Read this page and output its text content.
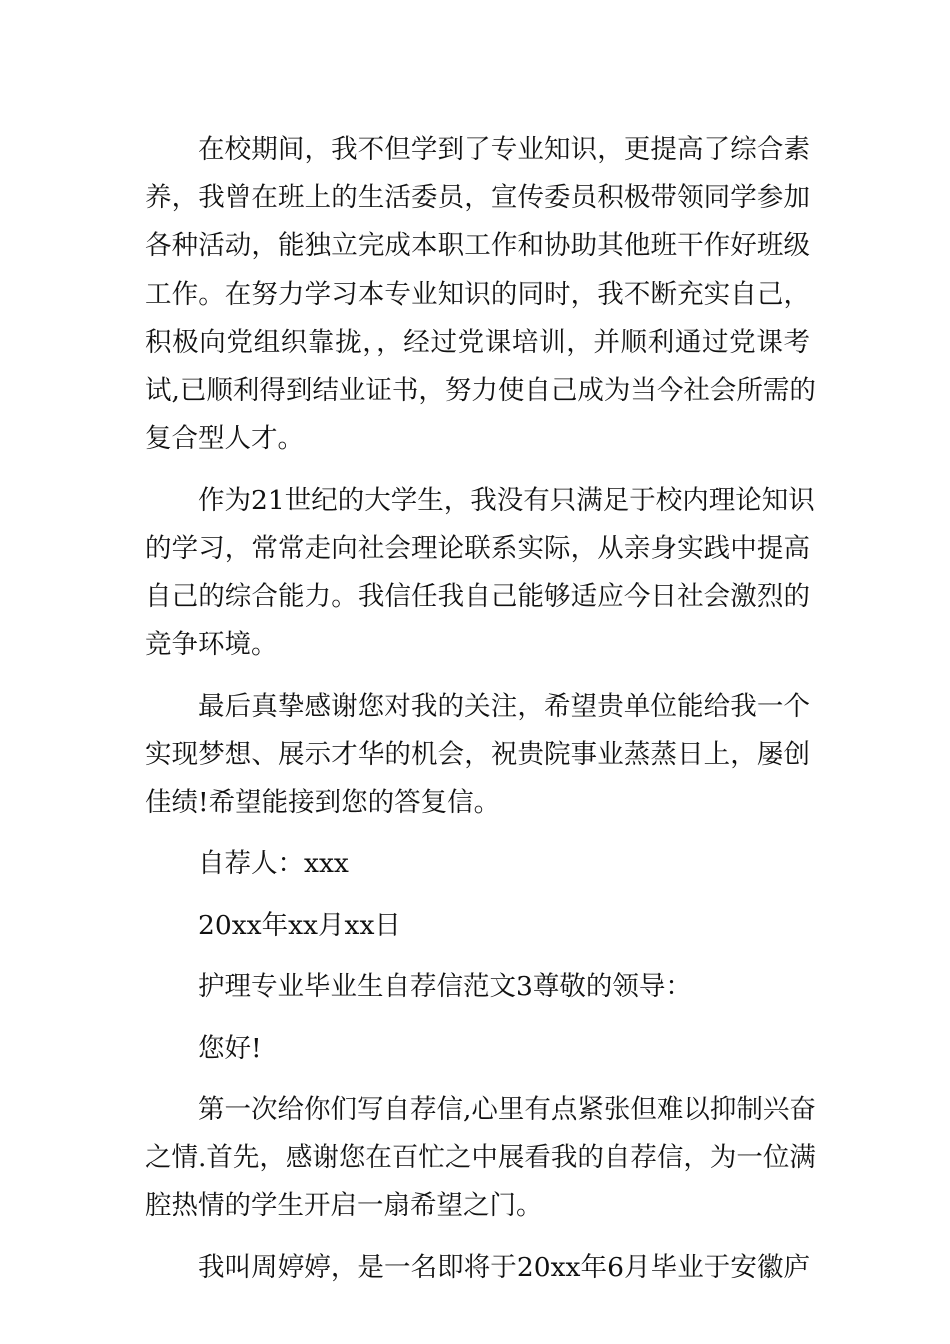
在校期间，我不但学到了专业知识，更提高了综合素
养，我曾在班上的生活委员，宣传委员积极带领同学参加
各种活动，能独立完成本职工作和协助其他班干作好班级
工作。在努力学习本专业知识的同时，我不断充实自己，
积极向党组织靠拢，，经过党课培训，并顺利通过党课考
试,已顺利得到结业证书，努力使自己成为当今社会所需的
复合型人才。
作为21世纪的大学生，我没有只满足于校内理论知识
的学习，常常走向社会理论联系实际，从亲身实践中提高
自己的综合能力。我信任我自己能够适应今日社会激烈的
竞争环境。
最后真挚感谢您对我的关注，希望贵单位能给我一个
实现梦想、展示才华的机会，祝贵院事业蒸蒸日上，屡创
佳绩!希望能接到您的答复信。
自荐人：xxx
20xx年xx月xx日
护理专业毕业生自荐信范文3尊敬的领导：
您好!
第一次给你们写自荐信,心里有点紧张但难以抑制兴奋
之情.首先，感谢您在百忙之中展看我的自荐信，为一位满
腔热情的学生开启一扇希望之门。
我叫周婷婷，是一名即将于20xx年6月毕业于安徽庐
